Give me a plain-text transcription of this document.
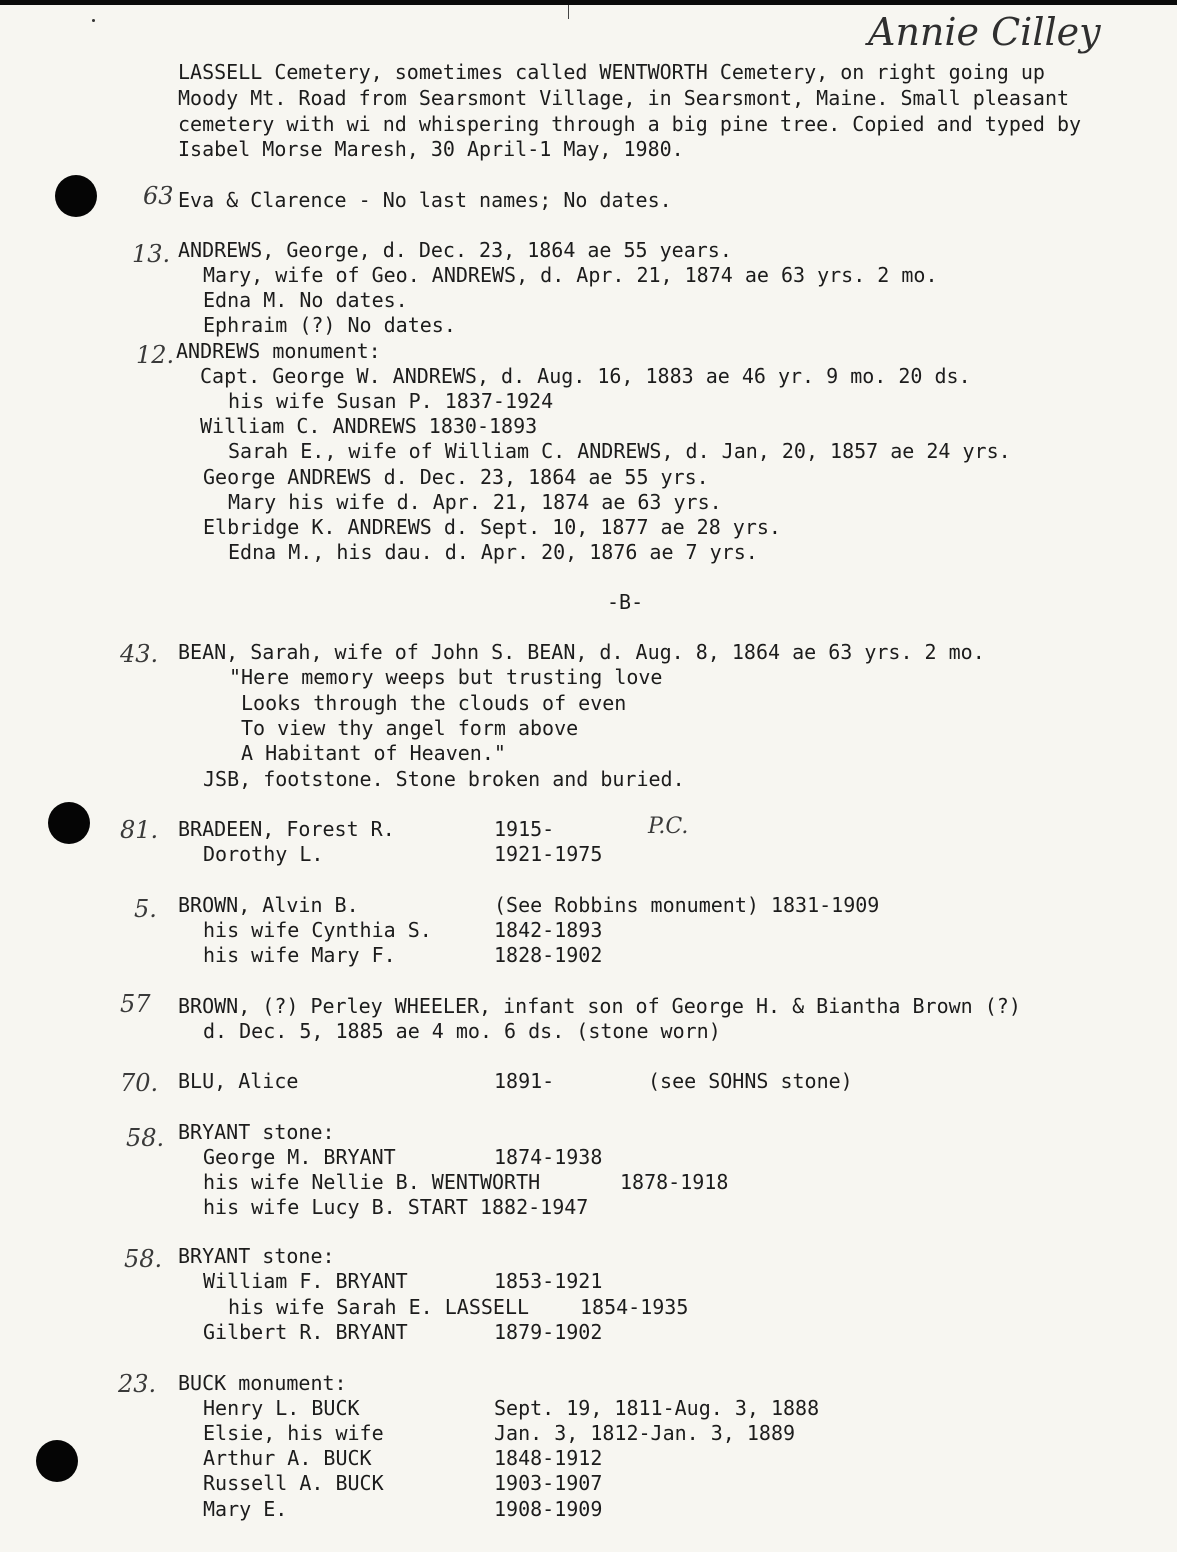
Annie Cilley
P.C.
63
13.
12.
43.
81.
5.
57
70.
58.
58.
23.
LASSELL Cemetery, sometimes called WENTWORTH Cemetery, on right going up
Moody Mt. Road from Searsmont Village, in Searsmont, Maine. Small pleasant
cemetery with wi nd whispering through a big pine tree. Copied and typed by
Isabel Morse Maresh, 30 April-1 May, 1980.
Eva & Clarence - No last names; No dates.
ANDREWS, George, d. Dec. 23, 1864 ae 55 years.
Mary, wife of Geo. ANDREWS, d. Apr. 21, 1874 ae 63 yrs. 2 mo.
Edna M. No dates.
Ephraim (?) No dates.
ANDREWS monument:
Capt. George W. ANDREWS, d. Aug. 16, 1883 ae 46 yr. 9 mo. 20 ds.
his wife Susan P. 1837-1924
William C. ANDREWS 1830-1893
Sarah E., wife of William C. ANDREWS, d. Jan, 20, 1857 ae 24 yrs.
George ANDREWS d. Dec. 23, 1864 ae 55 yrs.
Mary his wife d. Apr. 21, 1874 ae 63 yrs.
Elbridge K. ANDREWS d. Sept. 10, 1877 ae 28 yrs.
Edna M., his dau. d. Apr. 20, 1876 ae 7 yrs.
-B-
BEAN, Sarah, wife of John S. BEAN, d. Aug. 8, 1864 ae 63 yrs. 2 mo.
"Here memory weeps but trusting love
Looks through the clouds of even
To view thy angel form above
A Habitant of Heaven."
JSB, footstone. Stone broken and buried.
BRADEEN, Forest R.	1915-
Dorothy L.	1921-1975
BROWN, Alvin B.	(See Robbins monument) 1831-1909
his wife Cynthia S.	1842-1893
his wife Mary F.	1828-1902
BROWN, (?) Perley WHEELER, infant son of George H. & Biantha Brown (?)
d. Dec. 5, 1885 ae 4 mo. 6 ds. (stone worn)
BLU, Alice	1891-	(see SOHNS stone)
BRYANT stone:
George M. BRYANT	1874-1938
his wife Nellie B. WENTWORTH	1878-1918
his wife Lucy B. START 1882-1947
BRYANT stone:
William F. BRYANT	1853-1921
his wife Sarah E. LASSELL	1854-1935
Gilbert R. BRYANT	1879-1902
BUCK monument:
Henry L. BUCK	Sept. 19, 1811-Aug. 3, 1888
Elsie, his wife	Jan. 3, 1812-Jan. 3, 1889
Arthur A. BUCK	1848-1912
Russell A. BUCK	1903-1907
Mary E.	1908-1909
